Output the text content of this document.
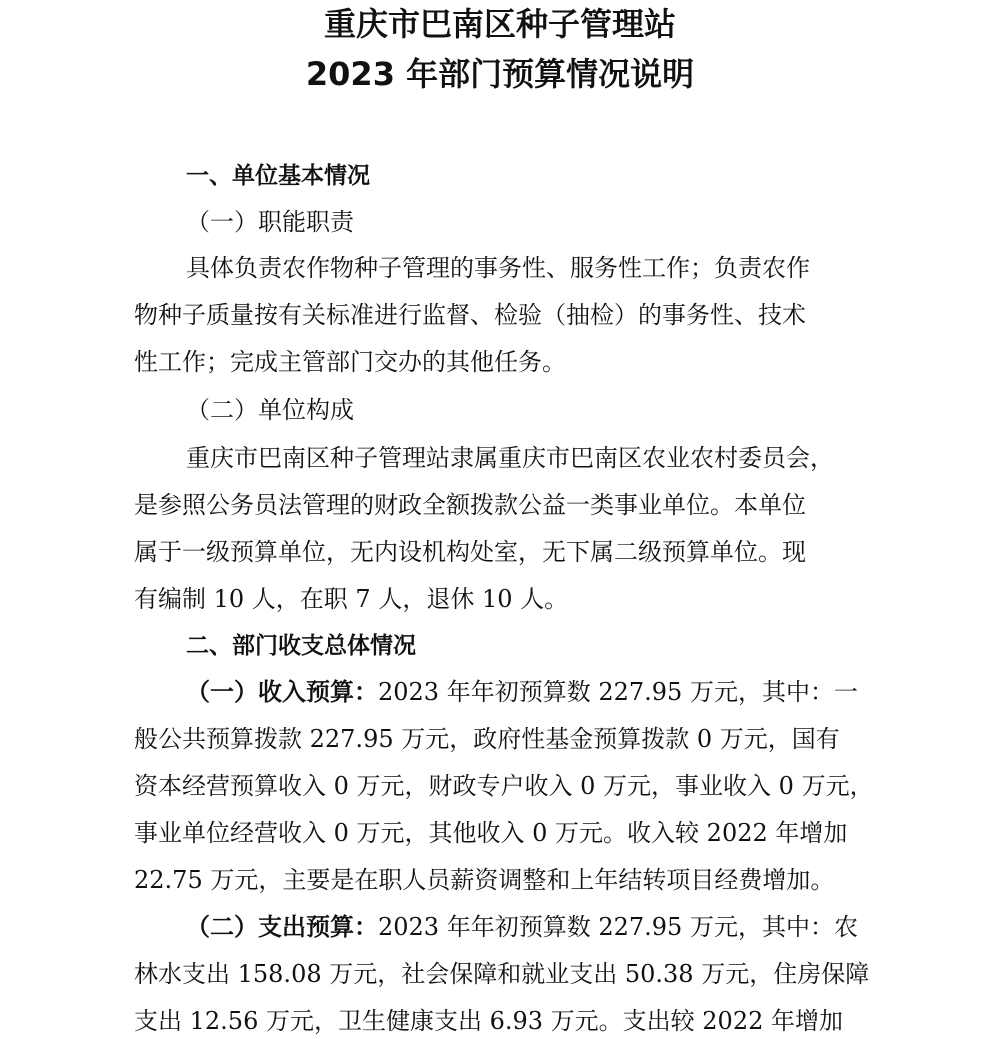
重庆市巴南区种子管理站
2023 年部门预算情况说明

一、单位基本情况

（一）职能职责

具体负责农作物种子管理的事务性、服务性工作；负责农作

物种子质量按有关标准进行监督、检验（抽检）的事务性、技术

性工作；完成主管部门交办的其他任务。

（二）单位构成

重庆市巴南区种子管理站隶属重庆市巴南区农业农村委员会，

是参照公务员法管理的财政全额拨款公益一类事业单位。本单位

属于一级预算单位，无内设机构处室，无下属二级预算单位。现

有编制 10 人，在职 7 人，退休 10 人。

二、部门收支总体情况

（一）收入预算：2023 年年初预算数 227.95 万元，其中：一

般公共预算拨款 227.95 万元，政府性基金预算拨款 0 万元，国有

资本经营预算收入 0 万元，财政专户收入 0 万元，事业收入 0 万元，

事业单位经营收入 0 万元，其他收入 0 万元。收入较 2022 年增加

22.75 万元，主要是在职人员薪资调整和上年结转项目经费增加。

（二）支出预算：2023 年年初预算数 227.95 万元，其中：农

林水支出 158.08 万元，社会保障和就业支出 50.38 万元，住房保障

支出 12.56 万元，卫生健康支出 6.93 万元。支出较 2022 年增加
